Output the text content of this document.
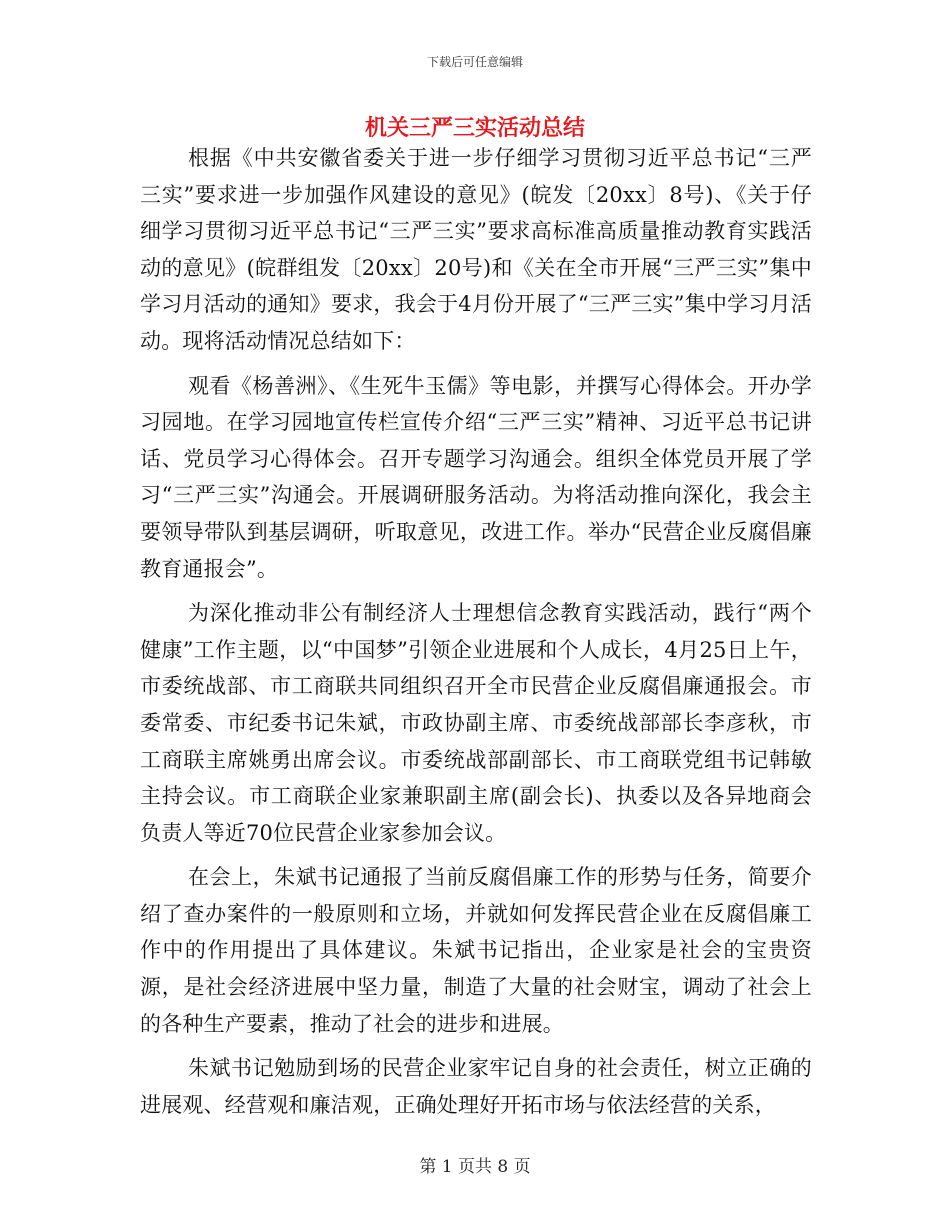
下载后可任意编辑
机关三严三实活动总结

根据《中共安徽省委关于进一步仔细学习贯彻习近平总书记“三严三实”要求进一步加强作风建设的意见》(皖发〔20xx〕8号)、《关于仔细学习贯彻习近平总书记“三严三实”要求高标准高质量推动教育实践活动的意见》(皖群组发〔20xx〕20号)和《关在全市开展“三严三实”集中学习月活动的通知》要求，我会于4月份开展了“三严三实”集中学习月活动。现将活动情况总结如下：

观看《杨善洲》、《生死牛玉儒》等电影，并撰写心得体会。开办学习园地。在学习园地宣传栏宣传介绍“三严三实”精神、习近平总书记讲话、党员学习心得体会。召开专题学习沟通会。组织全体党员开展了学习“三严三实”沟通会。开展调研服务活动。为将活动推向深化，我会主要领导带队到基层调研，听取意见，改进工作。举办“民营企业反腐倡廉教育通报会”。

为深化推动非公有制经济人士理想信念教育实践活动，践行“两个健康”工作主题，以“中国梦”引领企业进展和个人成长，4月25日上午，市委统战部、市工商联共同组织召开全市民营企业反腐倡廉通报会。市委常委、市纪委书记朱斌，市政协副主席、市委统战部部长李彦秋，市工商联主席姚勇出席会议。市委统战部副部长、市工商联党组书记韩敏主持会议。市工商联企业家兼职副主席(副会长)、执委以及各异地商会负责人等近70位民营企业家参加会议。

在会上，朱斌书记通报了当前反腐倡廉工作的形势与任务，简要介绍了查办案件的一般原则和立场，并就如何发挥民营企业在反腐倡廉工作中的作用提出了具体建议。朱斌书记指出，企业家是社会的宝贵资源，是社会经济进展中坚力量，制造了大量的社会财宝，调动了社会上的各种生产要素，推动了社会的进步和进展。

朱斌书记勉励到场的民营企业家牢记自身的社会责任，树立正确的进展观、经营观和廉洁观，正确处理好开拓市场与依法经营的关系，

第 1 页共 8 页
